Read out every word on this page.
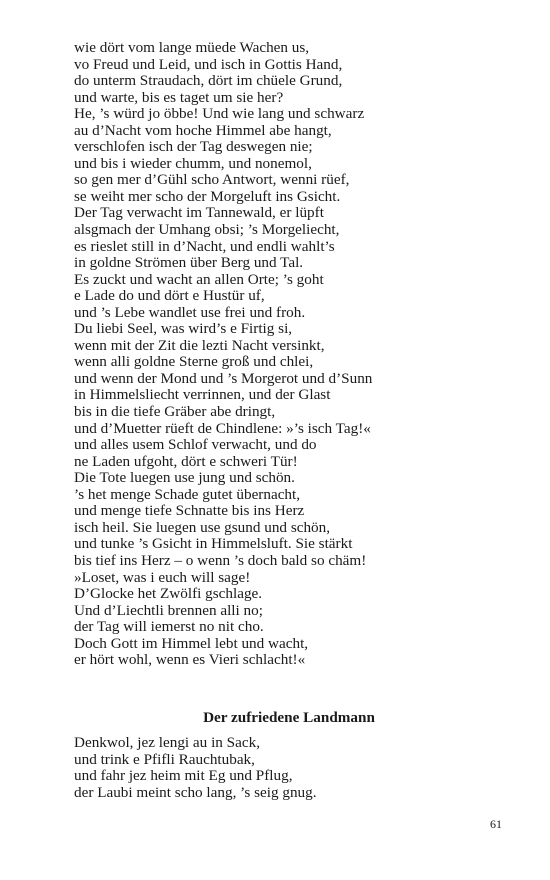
wie dört vom lange müede Wachen us,
vo Freud und Leid, und isch in Gottis Hand,
do unterm Straudach, dört im chüele Grund,
und warte, bis es taget um sie her?
He, ’s würd jo öbbe! Und wie lang und schwarz
au d’Nacht vom hoche Himmel abe hangt,
verschlofen isch der Tag deswegen nie;
und bis i wieder chumm, und nonemol,
so gen mer d’Gühl scho Antwort, wenni rüef,
se weiht mer scho der Morgeluft ins Gsicht.
Der Tag verwacht im Tannewald, er lüpft
alsgmach der Umhang obsi; ’s Morgeliecht,
es rieslet still in d’Nacht, und endli wahlt’s
in goldne Strömen über Berg und Tal.
Es zuckt und wacht an allen Orte; ’s goht
e Lade do und dört e Hustür uf,
und ’s Lebe wandlet use frei und froh.
Du liebi Seel, was wird’s e Firtig si,
wenn mit der Zit die lezti Nacht versinkt,
wenn alli goldne Sterne groß und chlei,
und wenn der Mond und ’s Morgerot und d’Sunn
in Himmelsliecht verrinnen, und der Glast
bis in die tiefe Gräber abe dringt,
und d’Muetter rüeft de Chindlene: »’s isch Tag!«
und alles usem Schlof verwacht, und do
ne Laden ufgoht, dört e schweri Tür!
Die Tote luegen use jung und schön.
’s het menge Schade gutet übernacht,
und menge tiefe Schnatte bis ins Herz
isch heil. Sie luegen use gsund und schön,
und tunke ’s Gsicht in Himmelsluft. Sie stärkt
bis tief ins Herz – o wenn ’s doch bald so chäm!
»Loset, was i euch will sage!
D’Glocke het Zwölfi gschlage.
Und d’Liechtli brennen alli no;
der Tag will iemerst no nit cho.
Doch Gott im Himmel lebt und wacht,
er hört wohl, wenn es Vieri schlacht!«
Der zufriedene Landmann
Denkwol, jez lengi au in Sack,
und trink e Pfifli Rauchtubak,
und fahr jez heim mit Eg und Pflug,
der Laubi meint scho lang, ’s seig gnug.
61
